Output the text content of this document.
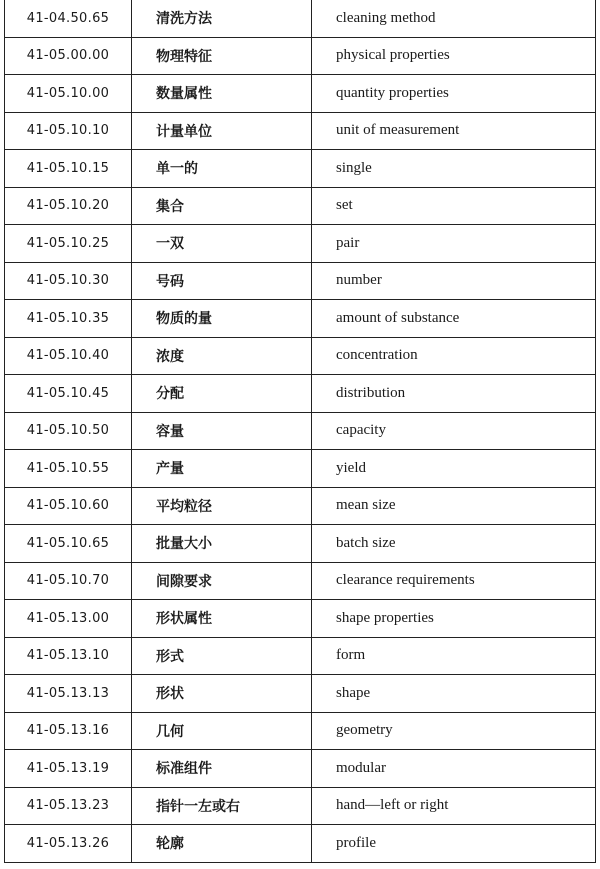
41-04.50.65	清洗方法	cleaning method
41-05.00.00	物理特征	physical properties
41-05.10.00	数量属性	quantity properties
41-05.10.10	计量单位	unit of measurement
41-05.10.15	单一的	single
41-05.10.20	集合	set
41-05.10.25	一双	pair
41-05.10.30	号码	number
41-05.10.35	物质的量	amount of substance
41-05.10.40	浓度	concentration
41-05.10.45	分配	distribution
41-05.10.50	容量	capacity
41-05.10.55	产量	yield
41-05.10.60	平均粒径	mean size
41-05.10.65	批量大小	batch size
41-05.10.70	间隙要求	clearance requirements
41-05.13.00	形状属性	shape properties
41-05.13.10	形式	form
41-05.13.13	形状	shape
41-05.13.16	几何	geometry
41-05.13.19	标准组件	modular
41-05.13.23	指针一左或右	hand—left or right
41-05.13.26	轮廓	profile
